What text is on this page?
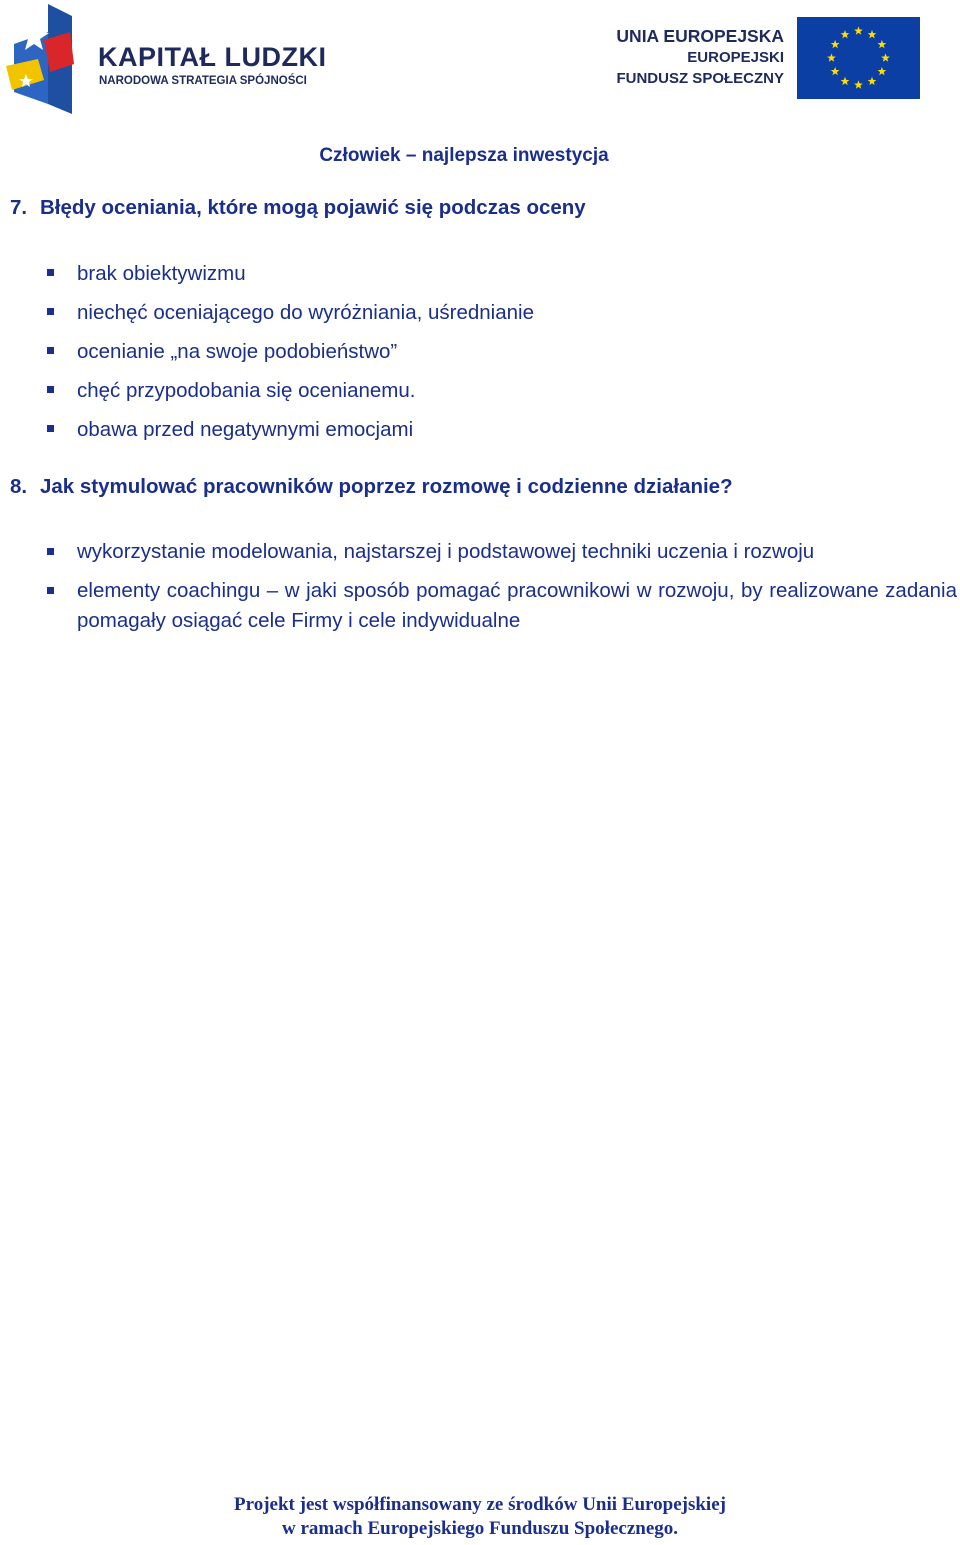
KAPITAŁ LUDZKI
NARODOWA STRATEGIA SPÓJNOŚCI
UNIA EUROPEJSKA
EUROPEJSKI
FUNDUSZ SPOŁECZNY
Człowiek – najlepsza inwestycja
7. Błędy oceniania, które mogą pojawić się podczas oceny
brak obiektywizmu
niechęć oceniającego do wyróżniania, uśrednianie
ocenianie „na swoje podobieństwo”
chęć przypodobania się ocenianemu.
obawa przed negatywnymi emocjami
8. Jak stymulować pracowników poprzez rozmowę i codzienne działanie?
wykorzystanie modelowania, najstarszej i podstawowej techniki uczenia i rozwoju
elementy coachingu – w jaki sposób pomagać pracownikowi w rozwoju, by realizowane zadania pomagały osiągać cele Firmy i cele indywidualne
Projekt jest współfinansowany ze środków Unii Europejskiej
w ramach Europejskiego Funduszu Społecznego.
